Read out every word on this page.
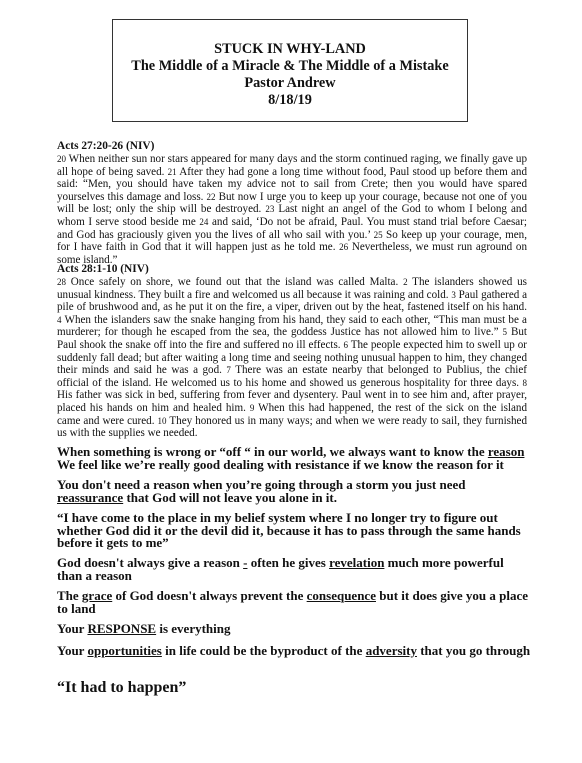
STUCK IN WHY-LAND
The Middle of a Miracle & The Middle of a Mistake
Pastor Andrew
8/18/19
Acts 27:20-26 (NIV)
20 When neither sun nor stars appeared for many days and the storm continued raging, we finally gave up all hope of being saved. 21 After they had gone a long time without food, Paul stood up before them and said: “Men, you should have taken my advice not to sail from Crete; then you would have spared yourselves this damage and loss. 22 But now I urge you to keep up your courage, because not one of you will be lost; only the ship will be destroyed. 23 Last night an angel of the God to whom I belong and whom I serve stood beside me 24 and said, ‘Do not be afraid, Paul. You must stand trial before Caesar; and God has graciously given you the lives of all who sail with you.’ 25 So keep up your courage, men, for I have faith in God that it will happen just as he told me. 26 Nevertheless, we must run aground on some island.”
Acts 28:1-10 (NIV)
28 Once safely on shore, we found out that the island was called Malta. 2 The islanders showed us unusual kindness. They built a fire and welcomed us all because it was raining and cold. 3 Paul gathered a pile of brushwood and, as he put it on the fire, a viper, driven out by the heat, fastened itself on his hand. 4 When the islanders saw the snake hanging from his hand, they said to each other, “This man must be a murderer; for though he escaped from the sea, the goddess Justice has not allowed him to live.” 5 But Paul shook the snake off into the fire and suffered no ill effects. 6 The people expected him to swell up or suddenly fall dead; but after waiting a long time and seeing nothing unusual happen to him, they changed their minds and said he was a god. 7 There was an estate nearby that belonged to Publius, the chief official of the island. He welcomed us to his home and showed us generous hospitality for three days. 8 His father was sick in bed, suffering from fever and dysentery. Paul went in to see him and, after prayer, placed his hands on him and healed him. 9 When this had happened, the rest of the sick on the island came and were cured. 10 They honored us in many ways; and when we were ready to sail, they furnished us with the supplies we needed.
When something is wrong or “off “ in our world, we always want to know the reason
We feel like we’re really good dealing with resistance if we know the reason for it
You don't need a reason when you’re going through a storm you just need reassurance that God will not leave you alone in it.
“I have come to the place in my belief system where I no longer try to figure out whether God did it or the devil did it, because it has to pass through the same hands before it gets to me”
God doesn't always give a reason - often he gives revelation much more powerful than a reason
The grace of God doesn't always prevent the consequence but it does give you a place to land
Your RESPONSE is everything
Your opportunities in life could be the byproduct of the adversity that you go through
“It had to happen”
